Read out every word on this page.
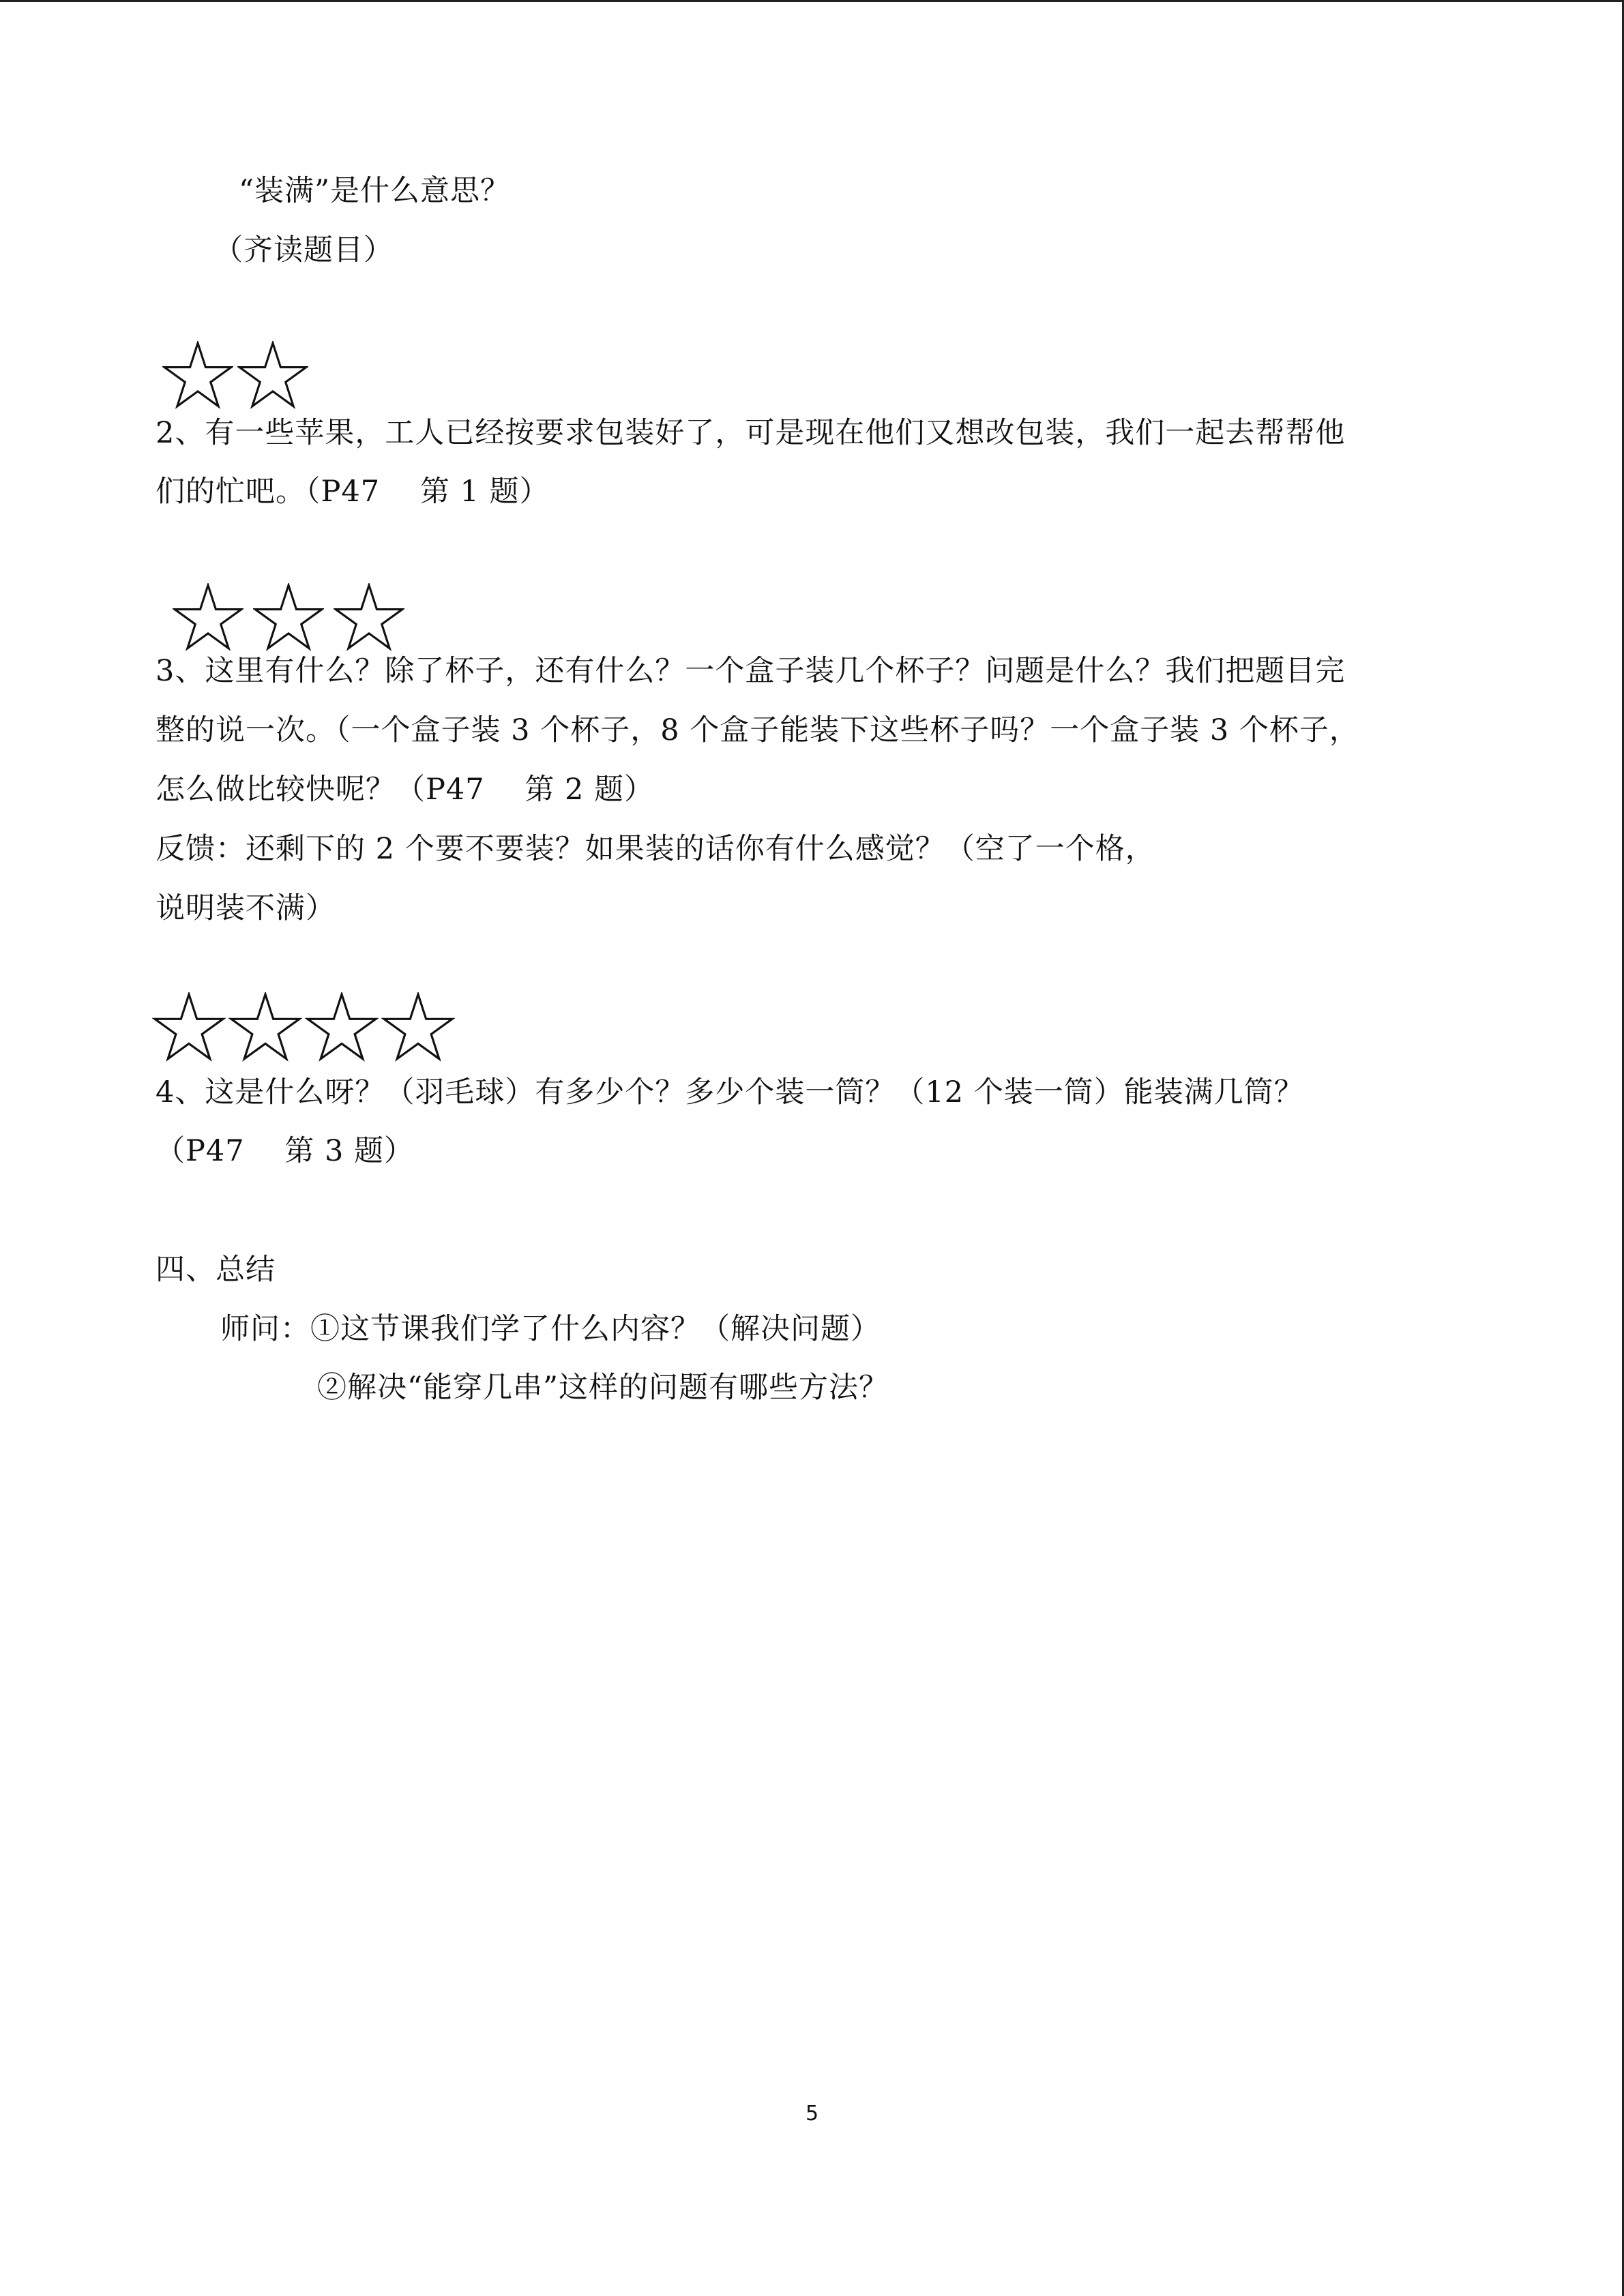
“装满”是什么意思？
（齐读题目）
2、有一些苹果，工人已经按要求包装好了，可是现在他们又想改包装，我们一起去帮帮他
们的忙吧。（P47　 第 1 题）
3、这里有什么？除了杯子，还有什么？一个盒子装几个杯子？问题是什么？我们把题目完
整的说一次。（一个盒子装 3 个杯子，8 个盒子能装下这些杯子吗？一个盒子装 3 个杯子，
怎么做比较快呢？（P47　 第 2 题）
反馈：还剩下的 2 个要不要装？如果装的话你有什么感觉？（空了一个格，
说明装不满）
4、这是什么呀？（羽毛球）有多少个？多少个装一筒？（12 个装一筒）能装满几筒？
（P47　 第 3 题）
四、总结
师问：①这节课我们学了什么内容？（解决问题）
②解决“能穿几串”这样的问题有哪些方法？
5
